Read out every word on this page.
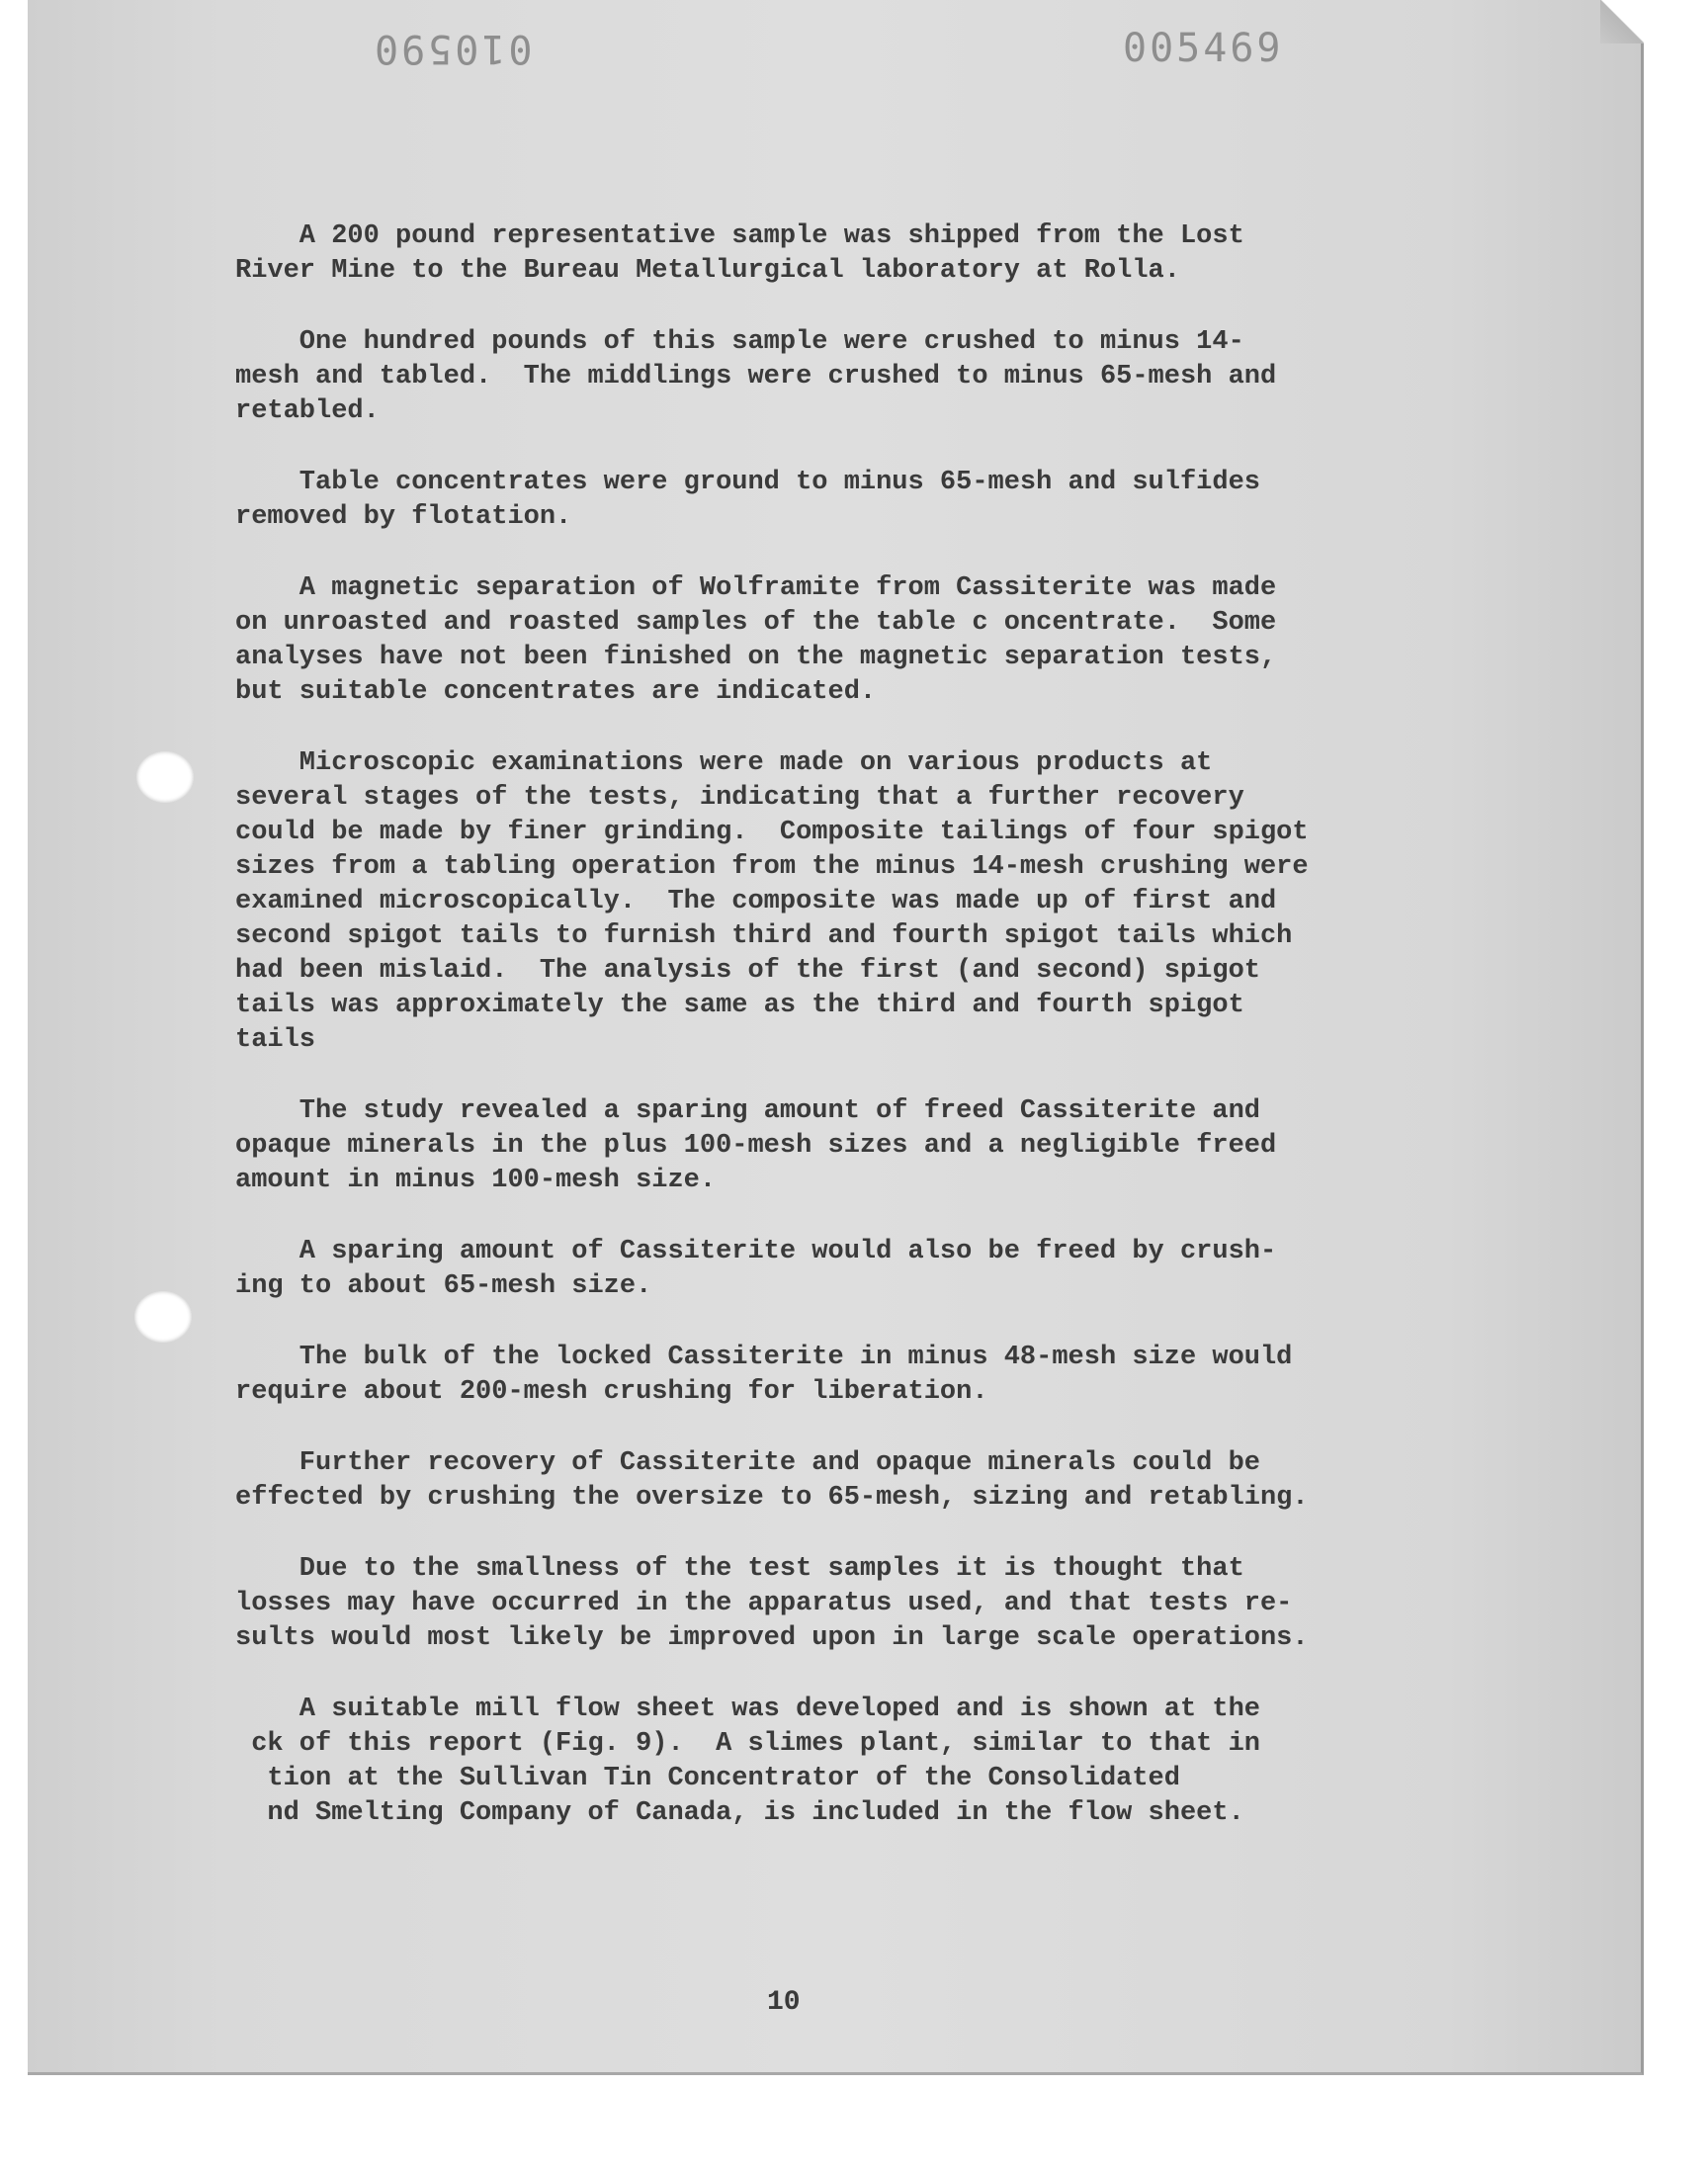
010590	005469
A 200 pound representative sample was shipped from the Lost
River Mine to the Bureau Metallurgical laboratory at Rolla.
One hundred pounds of this sample were crushed to minus 14-
mesh and tabled.  The middlings were crushed to minus 65-mesh and
retabled.
Table concentrates were ground to minus 65-mesh and sulfides
removed by flotation.
A magnetic separation of Wolframite from Cassiterite was made
on unroasted and roasted samples of the table c oncentrate.  Some
analyses have not been finished on the magnetic separation tests,
but suitable concentrates are indicated.
Microscopic examinations were made on various products at
several stages of the tests, indicating that a further recovery
could be made by finer grinding.  Composite tailings of four spigot
sizes from a tabling operation from the minus 14-mesh crushing were
examined microscopically.  The composite was made up of first and
second spigot tails to furnish third and fourth spigot tails which
had been mislaid.  The analysis of the first (and second) spigot
tails was approximately the same as the third and fourth spigot
tails
The study revealed a sparing amount of freed Cassiterite and
opaque minerals in the plus 100-mesh sizes and a negligible freed
amount in minus 100-mesh size.
A sparing amount of Cassiterite would also be freed by crush-
ing to about 65-mesh size.
The bulk of the locked Cassiterite in minus 48-mesh size would
require about 200-mesh crushing for liberation.
Further recovery of Cassiterite and opaque minerals could be
effected by crushing the oversize to 65-mesh, sizing and retabling.
Due to the smallness of the test samples it is thought that
losses may have occurred in the apparatus used, and that tests re-
sults would most likely be improved upon in large scale operations.
A suitable mill flow sheet was developed and is shown at the
ck of this report (Fig. 9).  A slimes plant, similar to that in
tion at the Sullivan Tin Concentrator of the Consolidated
nd Smelting Company of Canada, is included in the flow sheet.
10
